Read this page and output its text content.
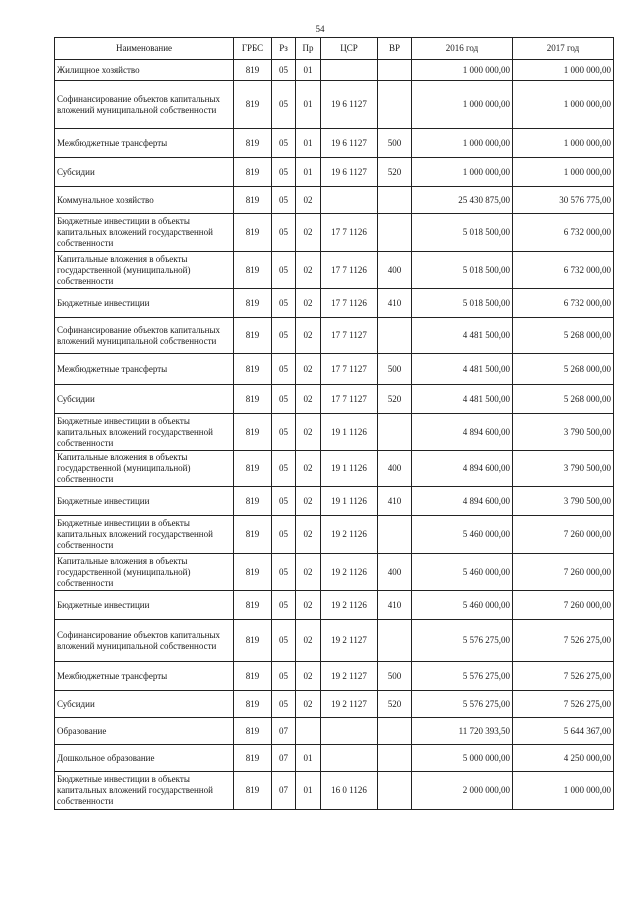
54
Наименование	ГРБС	Рз	Пр	ЦСР	ВР	2016 год	2017 год
Жилищное хозяйство	819	05	01			1 000 000,00	1 000 000,00
Софинансирование объектов капитальных вложений муниципальной собственности	819	05	01	19 6 1127		1 000 000,00	1 000 000,00
Межбюджетные трансферты	819	05	01	19 6 1127	500	1 000 000,00	1 000 000,00
Субсидии	819	05	01	19 6 1127	520	1 000 000,00	1 000 000,00
Коммунальное хозяйство	819	05	02			25 430 875,00	30 576 775,00
Бюджетные инвестиции в объекты капитальных вложений государственной собственности	819	05	02	17 7 1126		5 018 500,00	6 732 000,00
Капитальные вложения в объекты государственной (муниципальной) собственности	819	05	02	17 7 1126	400	5 018 500,00	6 732 000,00
Бюджетные инвестиции	819	05	02	17 7 1126	410	5 018 500,00	6 732 000,00
Софинансирование объектов капитальных вложений муниципальной собственности	819	05	02	17 7 1127		4 481 500,00	5 268 000,00
Межбюджетные трансферты	819	05	02	17 7 1127	500	4 481 500,00	5 268 000,00
Субсидии	819	05	02	17 7 1127	520	4 481 500,00	5 268 000,00
Бюджетные инвестиции в объекты капитальных вложений государственной собственности	819	05	02	19 1 1126		4 894 600,00	3 790 500,00
Капитальные вложения в объекты государственной (муниципальной) собственности	819	05	02	19 1 1126	400	4 894 600,00	3 790 500,00
Бюджетные инвестиции	819	05	02	19 1 1126	410	4 894 600,00	3 790 500,00
Бюджетные инвестиции в объекты капитальных вложений государственной собственности	819	05	02	19 2 1126		5 460 000,00	7 260 000,00
Капитальные вложения в объекты государственной (муниципальной) собственности	819	05	02	19 2 1126	400	5 460 000,00	7 260 000,00
Бюджетные инвестиции	819	05	02	19 2 1126	410	5 460 000,00	7 260 000,00
Софинансирование объектов капитальных вложений муниципальной собственности	819	05	02	19 2 1127		5 576 275,00	7 526 275,00
Межбюджетные трансферты	819	05	02	19 2 1127	500	5 576 275,00	7 526 275,00
Субсидии	819	05	02	19 2 1127	520	5 576 275,00	7 526 275,00
Образование	819	07				11 720 393,50	5 644 367,00
Дошкольное образование	819	07	01			5 000 000,00	4 250 000,00
Бюджетные инвестиции в объекты капитальных вложений государственной собственности	819	07	01	16 0 1126		2 000 000,00	1 000 000,00
